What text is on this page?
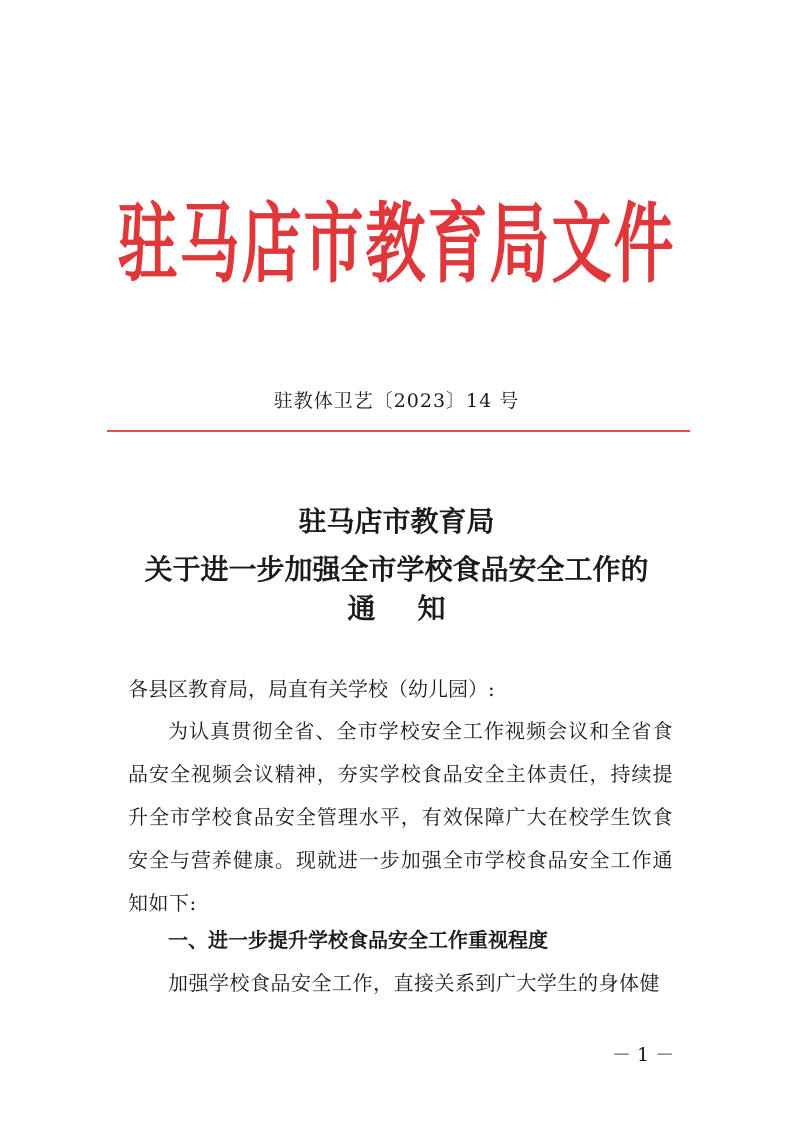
驻马店市教育局文件
驻教体卫艺〔2023〕14 号
驻马店市教育局
关于进一步加强全市学校食品安全工作的
通知
各县区教育局，局直有关学校（幼儿园）:
为认真贯彻全省、全市学校安全工作视频会议和全省食品安全视频会议精神，夯实学校食品安全主体责任，持续提升全市学校食品安全管理水平，有效保障广大在校学生饮食安全与营养健康。现就进一步加强全市学校食品安全工作通知如下:
一、进一步提升学校食品安全工作重视程度
加强学校食品安全工作，直接关系到广大学生的身体健
－ 1 －
